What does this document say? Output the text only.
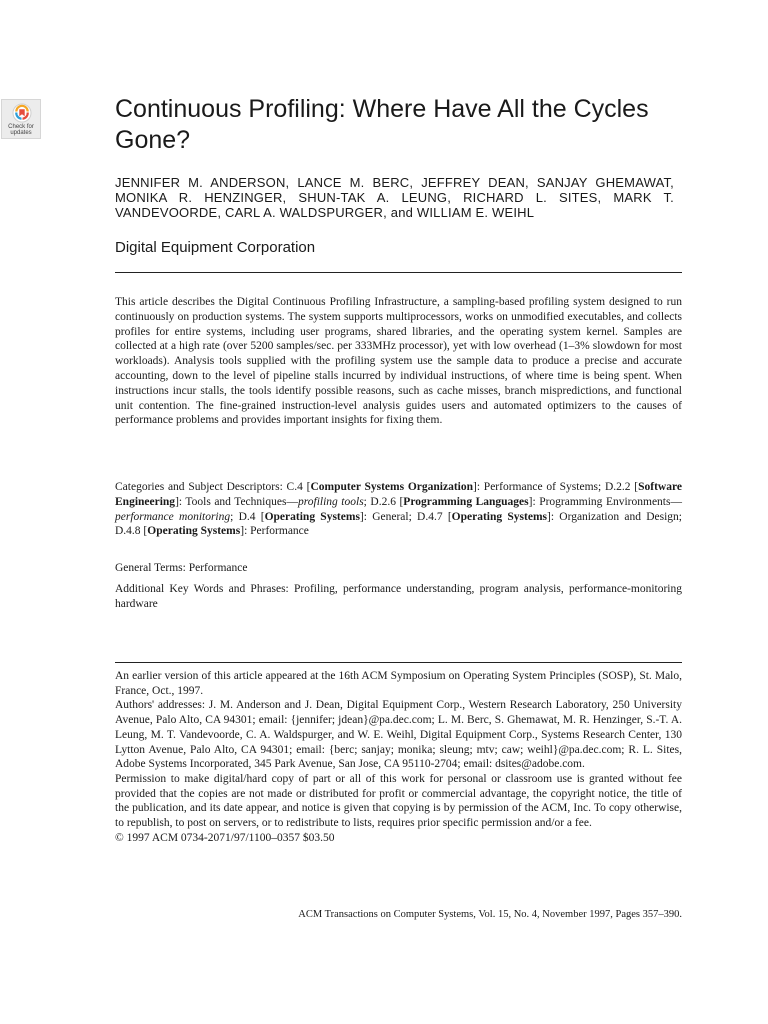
Check for updates
Continuous Profiling: Where Have All the Cycles Gone?

JENNIFER M. ANDERSON, LANCE M. BERC, JEFFREY DEAN, SANJAY GHEMAWAT, MONIKA R. HENZINGER, SHUN-TAK A. LEUNG, RICHARD L. SITES, MARK T. VANDEVOORDE, CARL A. WALDSPURGER, and WILLIAM E. WEIHL

Digital Equipment Corporation

This article describes the Digital Continuous Profiling Infrastructure, a sampling-based profiling system designed to run continuously on production systems. The system supports multiprocessors, works on unmodified executables, and collects profiles for entire systems, including user programs, shared libraries, and the operating system kernel. Samples are collected at a high rate (over 5200 samples/sec. per 333MHz processor), yet with low overhead (1–3% slowdown for most workloads). Analysis tools supplied with the profiling system use the sample data to produce a precise and accurate accounting, down to the level of pipeline stalls incurred by individual instructions, of where time is being spent. When instructions incur stalls, the tools identify possible reasons, such as cache misses, branch mispredictions, and functional unit contention. The fine-grained instruction-level analysis guides users and automated optimizers to the causes of performance problems and provides important insights for fixing them.

Categories and Subject Descriptors: C.4 [Computer Systems Organization]: Performance of Systems; D.2.2 [Software Engineering]: Tools and Techniques—profiling tools; D.2.6 [Programming Languages]: Programming Environments—performance monitoring; D.4 [Operating Systems]: General; D.4.7 [Operating Systems]: Organization and Design; D.4.8 [Operating Systems]: Performance

General Terms: Performance

Additional Key Words and Phrases: Profiling, performance understanding, program analysis, performance-monitoring hardware

An earlier version of this article appeared at the 16th ACM Symposium on Operating System Principles (SOSP), St. Malo, France, Oct., 1997.

Authors' addresses: J. M. Anderson and J. Dean, Digital Equipment Corp., Western Research Laboratory, 250 University Avenue, Palo Alto, CA 94301; email: {jennifer; jdean}@pa.dec.com; L. M. Berc, S. Ghemawat, M. R. Henzinger, S.-T. A. Leung, M. T. Vandevoorde, C. A. Waldspurger, and W. E. Weihl, Digital Equipment Corp., Systems Research Center, 130 Lytton Avenue, Palo Alto, CA 94301; email: {berc; sanjay; monika; sleung; mtv; caw; weihl}@pa.dec.com; R. L. Sites, Adobe Systems Incorporated, 345 Park Avenue, San Jose, CA 95110-2704; email: dsites@adobe.com.

Permission to make digital/hard copy of part or all of this work for personal or classroom use is granted without fee provided that the copies are not made or distributed for profit or commercial advantage, the copyright notice, the title of the publication, and its date appear, and notice is given that copying is by permission of the ACM, Inc. To copy otherwise, to republish, to post on servers, or to redistribute to lists, requires prior specific permission and/or a fee.

© 1997 ACM 0734-2071/97/1100–0357 $03.50

ACM Transactions on Computer Systems, Vol. 15, No. 4, November 1997, Pages 357–390.
